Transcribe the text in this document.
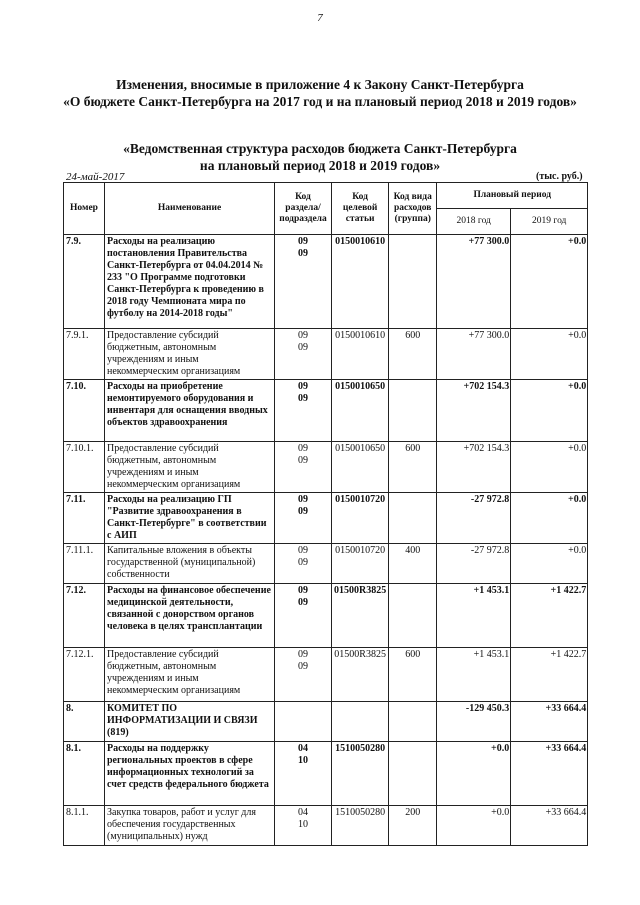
7
Изменения, вносимые в приложение 4 к Закону Санкт-Петербурга
«О бюджете Санкт-Петербурга на 2017 год и на плановый период 2018 и 2019 годов»
«Ведомственная структура расходов бюджета Санкт-Петербурга
на плановый период 2018 и 2019 годов»
24-май-2017	(тыс. руб.)
Номер	Наименование	Код раздела/ подраздела	Код целевой статьи	Код вида расходов (группа)	Плановый период	
					2018 год	2019 год
7.9.	Расходы на реализацию постановления Правительства Санкт-Петербурга от 04.04.2014 № 233 "О Программе подготовки Санкт-Петербурга к проведению в 2018 году Чемпионата мира по футболу на 2014-2018 годы"	0909	0150010610		+77 300.0	+0.0
7.9.1.	Предоставление субсидий бюджетным, автономным учреждениям и иным некоммерческим организациям	0909	0150010610	600	+77 300.0	+0.0
7.10.	Расходы на приобретение немонтируемого оборудования и инвентаря для оснащения вводных объектов здравоохранения	0909	0150010650		+702 154.3	+0.0
7.10.1.	Предоставление субсидий бюджетным, автономным учреждениям и иным некоммерческим организациям	0909	0150010650	600	+702 154.3	+0.0
7.11.	Расходы на реализацию ГП "Развитие здравоохранения в Санкт-Петербурге" в соответствии с АИП	0909	0150010720		-27 972.8	+0.0
7.11.1.	Капитальные вложения в объекты государственной (муниципальной) собственности	0909	0150010720	400	-27 972.8	+0.0
7.12.	Расходы на финансовое обеспечение медицинской деятельности, связанной с донорством органов человека в целях трансплантации	0909	01500R3825		+1 453.1	+1 422.7
7.12.1.	Предоставление субсидий бюджетным, автономным учреждениям и иным некоммерческим организациям	0909	01500R3825	600	+1 453.1	+1 422.7
8.	КОМИТЕТ ПО ИНФОРМАТИЗАЦИИ И СВЯЗИ (819)				-129 450.3	+33 664.4
8.1.	Расходы на поддержку региональных проектов в сфере информационных технологий за счет средств федерального бюджета	0410	1510050280		+0.0	+33 664.4
8.1.1.	Закупка товаров, работ и услуг для обеспечения государственных (муниципальных) нужд	0410	1510050280	200	+0.0	+33 664.4
